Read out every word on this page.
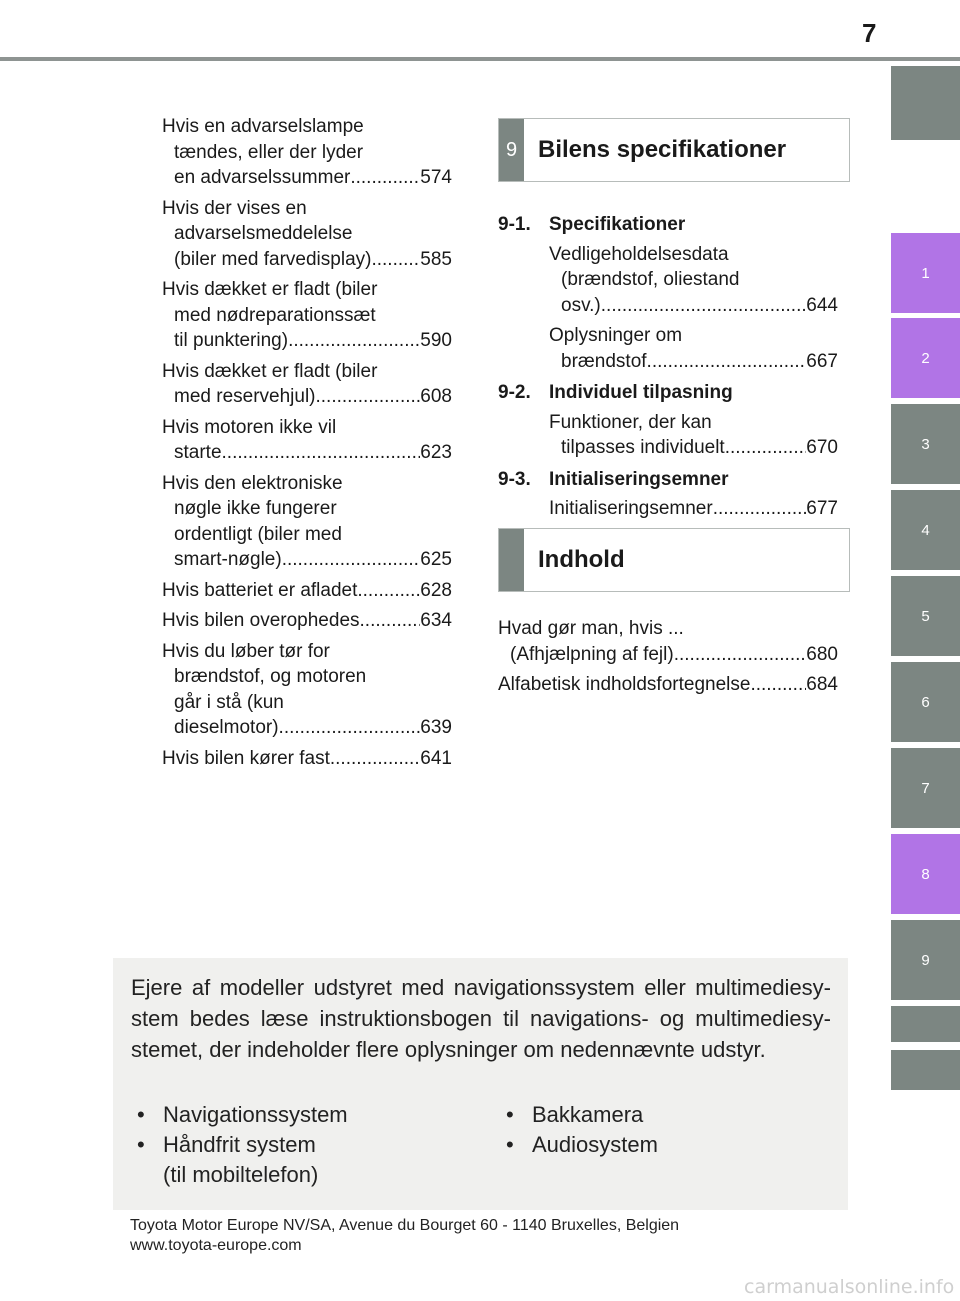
7
1
2
3
4
5
6
7
8
9
Hvis en advarselslampe
tændes, eller der lyder
en advarselssummer .....	574
Hvis der vises en
advarselsmeddelelse
(biler med farvedisplay) .....	585
Hvis dækket er fladt (biler
med nødreparationssæt
til punktering) .....	590
Hvis dækket er fladt (biler
med reservehjul) .....	608
Hvis motoren ikke vil
starte .....	623
Hvis den elektroniske
nøgle ikke fungerer
ordentligt (biler med
smart-nøgle) .....	625
Hvis batteriet er afladet .....	628
Hvis bilen overophedes .....	634
Hvis du løber tør for
brændstof, og motoren
går i stå (kun
dieselmotor) .....	639
Hvis bilen kører fast .....	641
9 Bilens specifikationer
9-1. Specifikationer
Vedligeholdelsesdata
(brændstof, oliestand
osv.) .....	644
Oplysninger om
brændstof .....	667
9-2. Individuel tilpasning
Funktioner, der kan
tilpasses individuelt .....	670
9-3. Initialiseringsemner
Initialiseringsemner .....	677
Indhold
Hvad gør man, hvis ...
(Afhjælpning af fejl) .....	680
Alfabetisk indholdsfortegnelse .....	684
Ejere af modeller udstyret med navigationssystem eller multimediesy-stem bedes læse instruktionsbogen til navigations- og multimediesy-stemet, der indeholder flere oplysninger om nedennævnte udstyr.
• Navigationssystem
• Håndfrit system
(til mobiltelefon)
• Bakkamera
• Audiosystem
Toyota Motor Europe NV/SA, Avenue du Bourget 60 - 1140 Bruxelles, Belgien
www.toyota-europe.com
carmanualsonline.info
